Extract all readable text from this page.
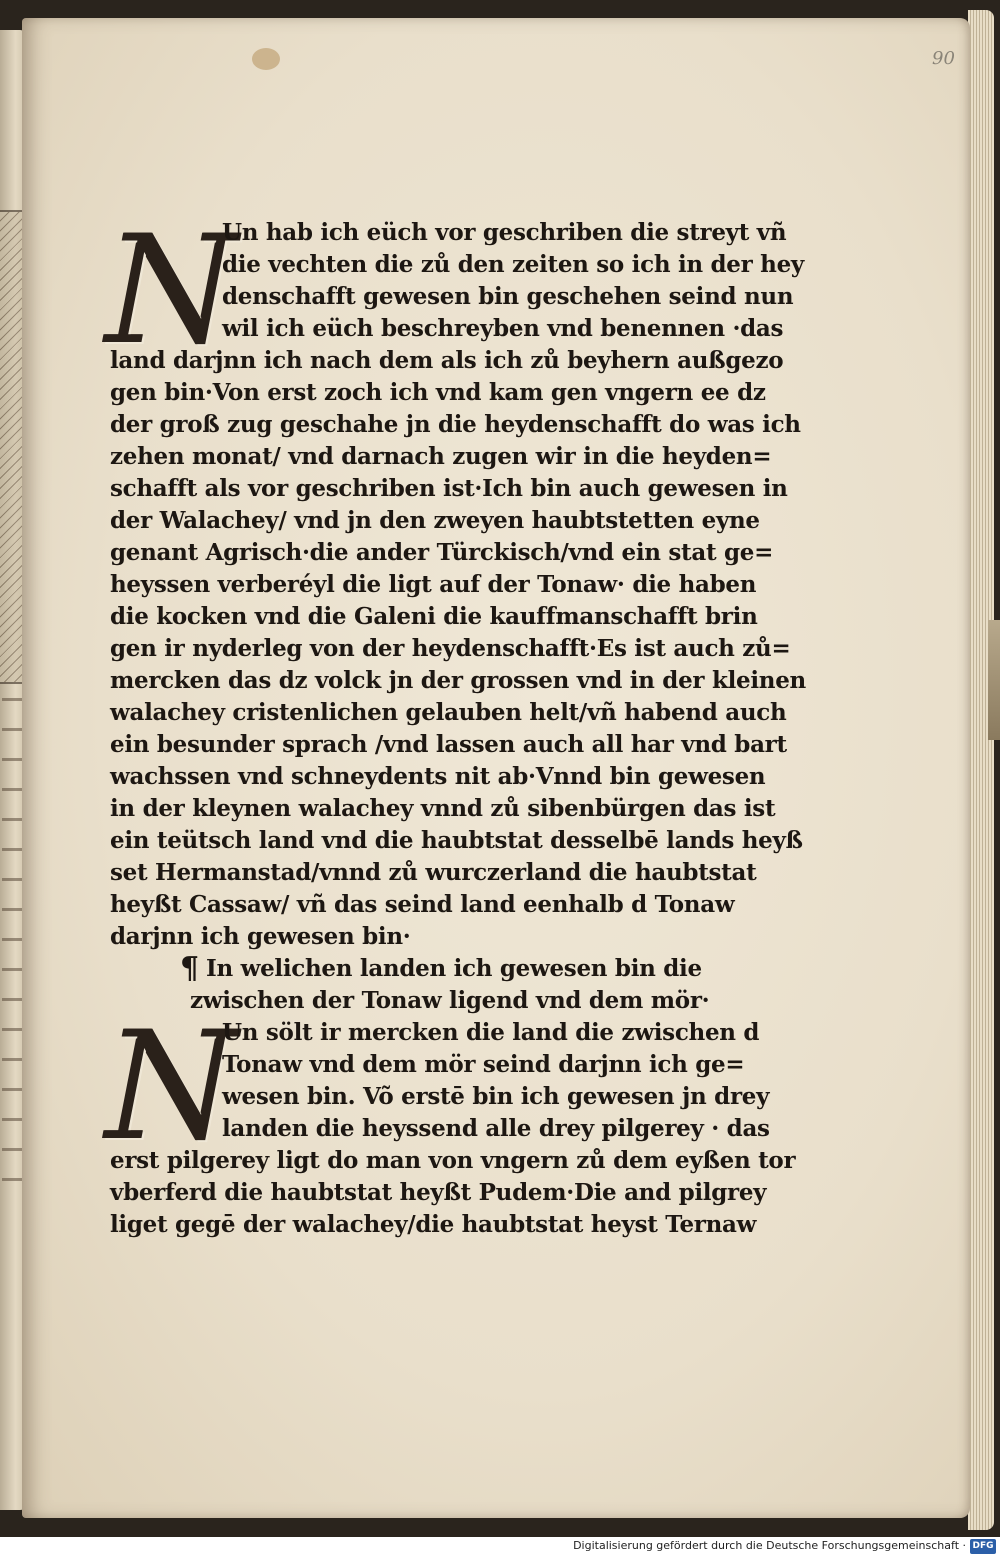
90
N
Un hab ich eüch vor geschriben die streyt vñ
die vechten die zů den zeiten so ich in der hey
denschafft gewesen bin geschehen seind nun
wil ich eüch beschreyben vnd benennen ·das
land darjnn ich nach dem als ich zů beyhern außgezo
gen bin·Von erst zoch ich vnd kam gen vngern ee dz
der groß zug geschahe jn die heydenschafft do was ich
zehen monat/ vnd darnach zugen wir in die heyden=
schafft als vor geschriben ist·Ich bin auch gewesen in
der Walachey/ vnd jn den zweyen haubtstetten eyne
genant Agrisch·die ander Türckisch/vnd ein stat ge=
heyssen verberéyl die ligt auf der Tonaw· die haben
die kocken vnd die Galeni die kauffmanschafft brin
gen ir nyderleg von der heydenschafft·Es ist auch zů=
mercken das dz volck jn der grossen vnd in der kleinen
walachey cristenlichen gelauben helt/vñ habend auch
ein besunder sprach /vnd lassen auch all har vnd bart
wachssen vnd schneydents nit ab·Vnnd bin gewesen
in der kleynen walachey vnnd zů sibenbürgen das ist
ein teütsch land vnd die haubtstat desselbē lands heyß
set Hermanstad/vnnd zů wurczerland die haubtstat
heyßt Cassaw/ vñ das seind land eenhalb d Tonaw
darjnn ich gewesen bin·
¶ In welichen landen ich gewesen bin die
zwischen der Tonaw ligend vnd dem mör·
N
Un sölt ir mercken die land die zwischen d
Tonaw vnd dem mör seind darjnn ich ge=
wesen bin. Võ erstē bin ich gewesen jn drey
landen die heyssend alle drey pilgerey · das
erst pilgerey ligt do man von vngern zů dem eyßen tor
vberferd die haubtstat heyßt Pudem·Die and pilgrey
liget gegē der walachey/die haubtstat heyst Ternaw
Digitalisierung gefördert durch die Deutsche Forschungsgemeinschaft · DFG
